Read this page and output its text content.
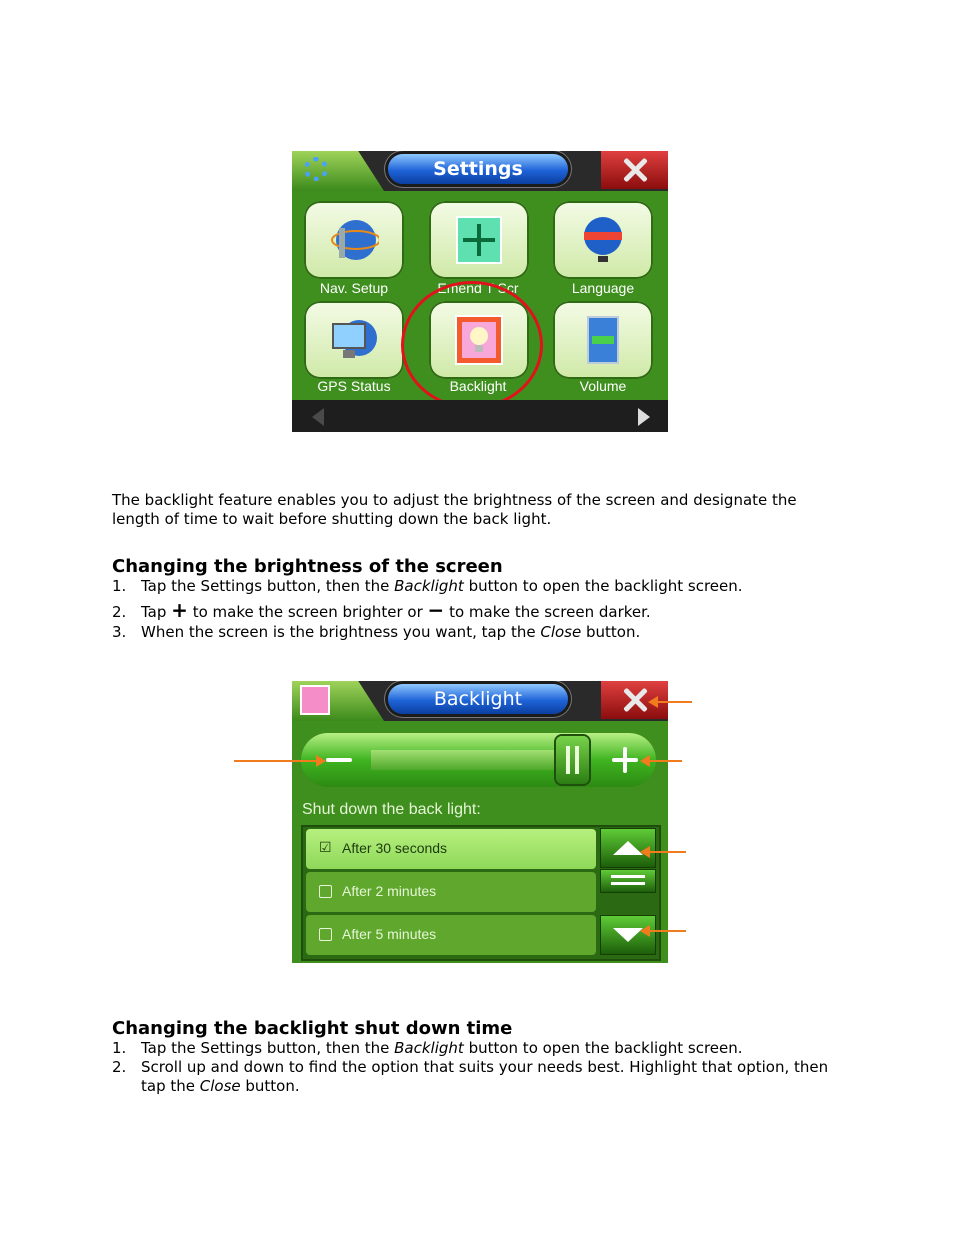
Settings
Nav. Setup	Emend T Scr	Language
GPS Status	Backlight	Volume
The backlight feature enables you to adjust the brightness of the screen and designate the length of time to wait before shutting down the back light.
Changing the brightness of the screen
1. Tap the Settings button, then the Backlight button to open the backlight screen.
2. Tap + to make the screen brighter or − to make the screen darker.
3. When the screen is the brightness you want, tap the Close button.
Backlight
Shut down the back light:
☑ After 30 seconds
After 2 minutes
After 5 minutes
Changing the backlight shut down time
1. Tap the Settings button, then the Backlight button to open the backlight screen.
2. Scroll up and down to find the option that suits your needs best. Highlight that option, then tap the Close button.
